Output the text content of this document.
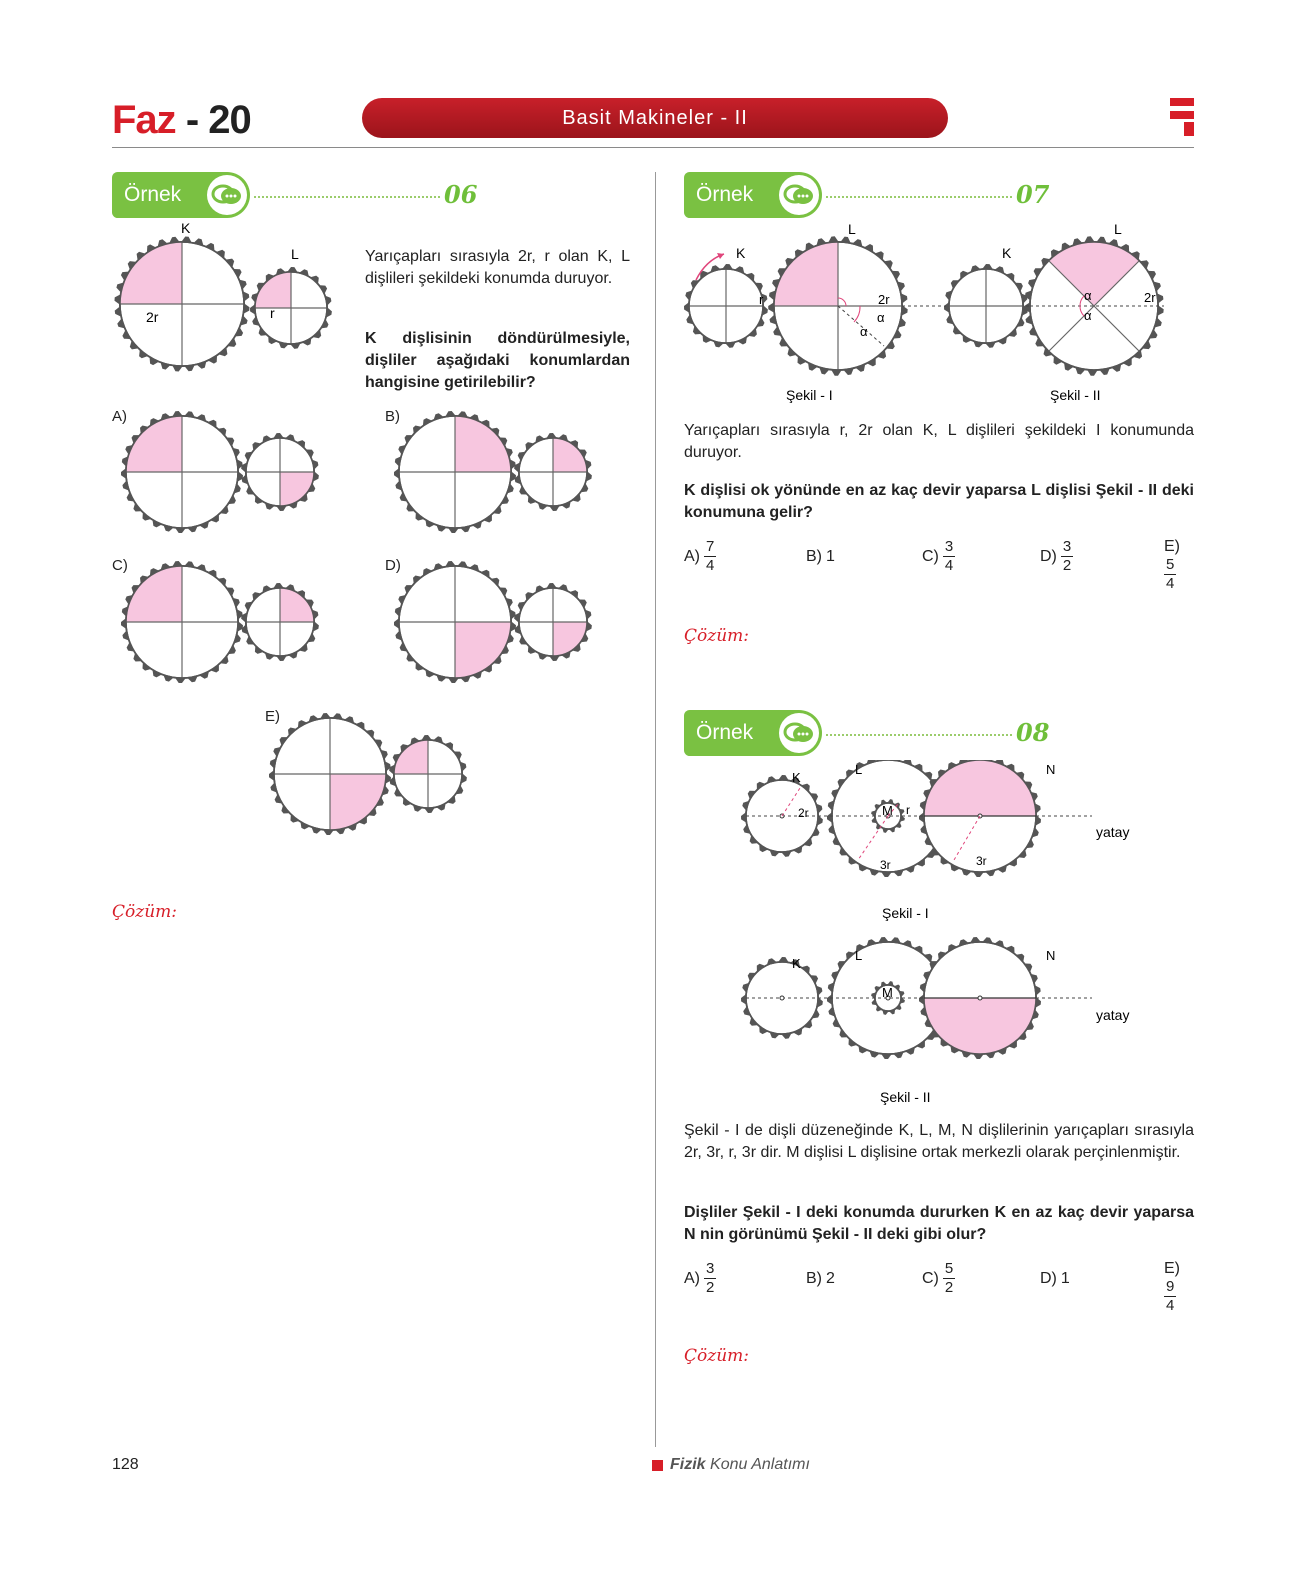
Faz - 20	Basit Makineler - II
Örnek	06
K
L
2r	r
Yarıçapları sırasıyla 2r, r olan K, L dişlileri şekildeki konumda duruyor.
K dişlisinin döndürülmesiyle, dişliler aşağıdaki konumlardan hangisine getirilebilir?
A)	B)
C)	D)
E)
Çözüm:
Örnek	07
K
L
r	2r
α
α
K
L
2r
α
α
Şekil - I	Şekil - II
Yarıçapları sırasıyla r, 2r olan K, L dişlileri şekildeki I konumunda duruyor.
K dişlisi ok yönünde en az kaç devir yaparsa L dişlisi Şekil - II deki konumuna gelir?
$A) \frac{7}{4}$	B) 1	$C) \frac{3}{4}$	$D) \frac{3}{2}$	E)
$\frac{5}{4}$
Çözüm:
Örnek	08
K
L	N
M
2r	r
3r	3r
yatay
Şekil - I
K
L	N
M
yatay
Şekil - II
Şekil - I de dişli düzeneğinde K, L, M, N dişlilerinin yarıçapları sırasıyla 2r, 3r, r, 3r dir. M dişlisi L dişlisine ortak merkezli olarak perçinlenmiştir.
Dişliler Şekil - I deki konumda dururken K en az kaç devir yaparsa N nin görünümü Şekil - II deki gibi olur?
$A) \frac{3}{2}$	B) 2	$C) \frac{5}{2}$	D) 1
E)
$\frac{9}{4}$
Çözüm:
128	Fizik Konu Anlatımı
